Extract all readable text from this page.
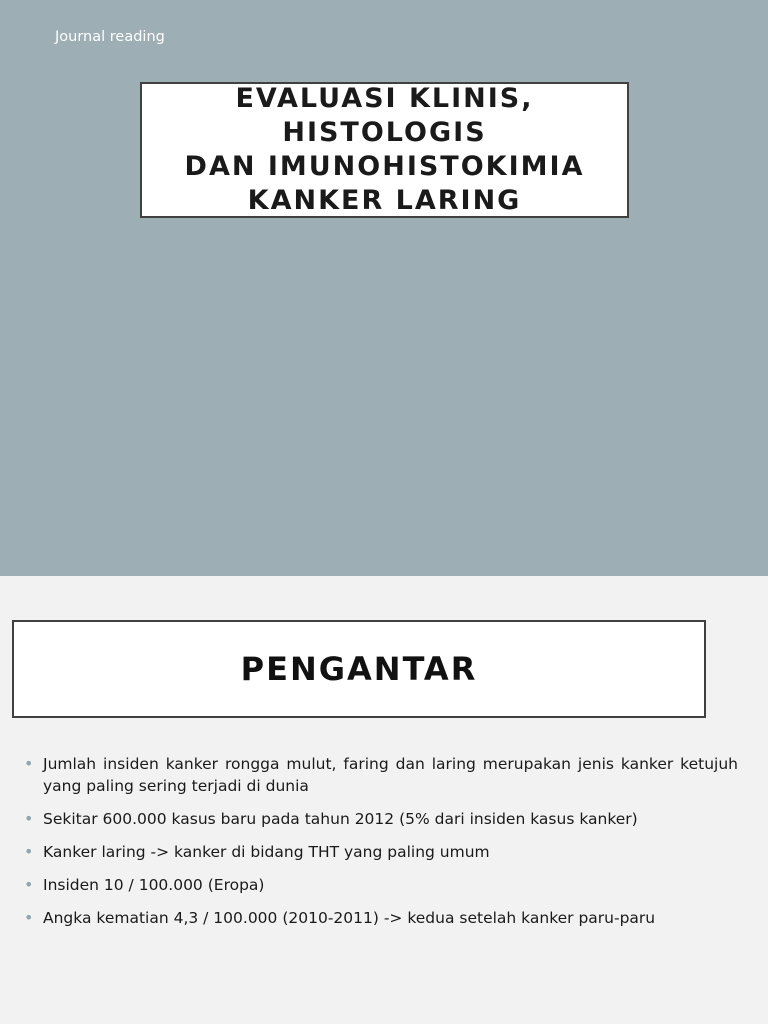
Journal reading
EVALUASI KLINIS, HISTOLOGIS
DAN IMUNOHISTOKIMIA
KANKER LARING
PENGANTAR
• Jumlah insiden kanker rongga mulut, faring dan laring merupakan jenis kanker ketujuh yang paling sering terjadi di dunia
• Sekitar 600.000 kasus baru pada tahun 2012 (5% dari insiden kasus kanker)
• Kanker laring -> kanker di bidang THT yang paling umum
• Insiden 10 / 100.000 (Eropa)
• Angka kematian 4,3 / 100.000 (2010-2011) -> kedua setelah kanker paru-paru
